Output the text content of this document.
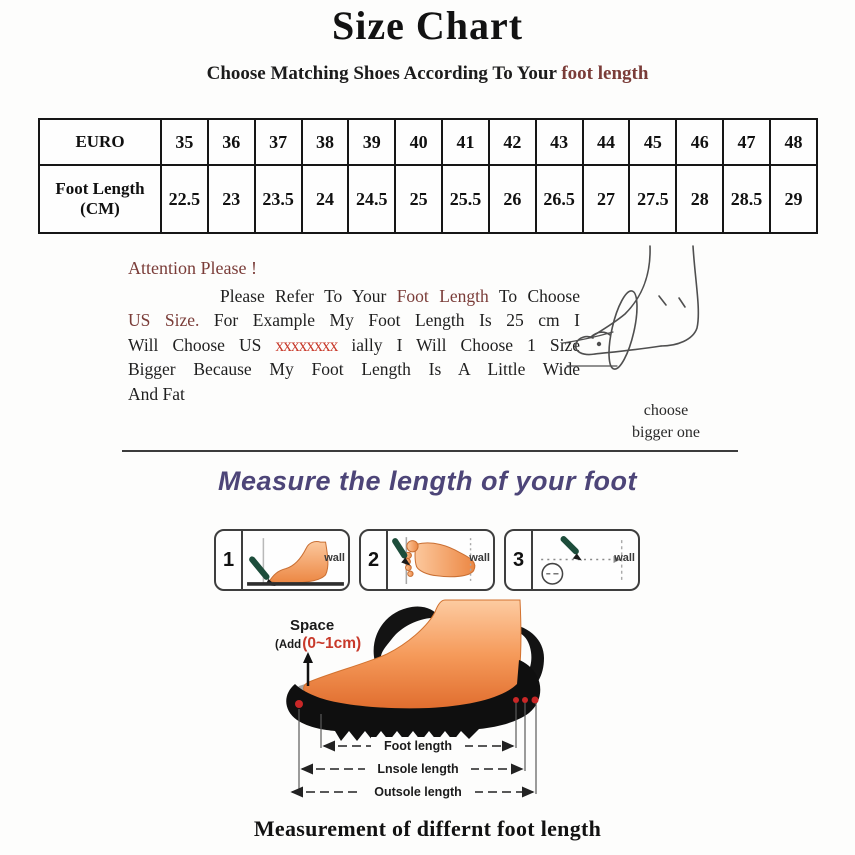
Size Chart
Choose Matching Shoes According To Your foot length
EURO	35	36	37	38	39	40	41	42	43	44	45	46	47	48
Foot Length (CM)	22.5	23	23.5	24	24.5	25	25.5	26	26.5	27	27.5	28	28.5	29
Attention Please !
Please Refer To Your Foot Length To Choose
US Size. For Example My Foot Length Is 25 cm I
Will Choose US xxxxxxxx ially I Will Choose 1 Size
Bigger Because My Foot Length Is A Little Wide
And Fat
choose
bigger one
Measure the length of your foot
1	wall	2	wall	3	wall
Space
(Add(0~1cm)
Foot length
Lnsole length
Outsole length
Measurement of differnt foot length
